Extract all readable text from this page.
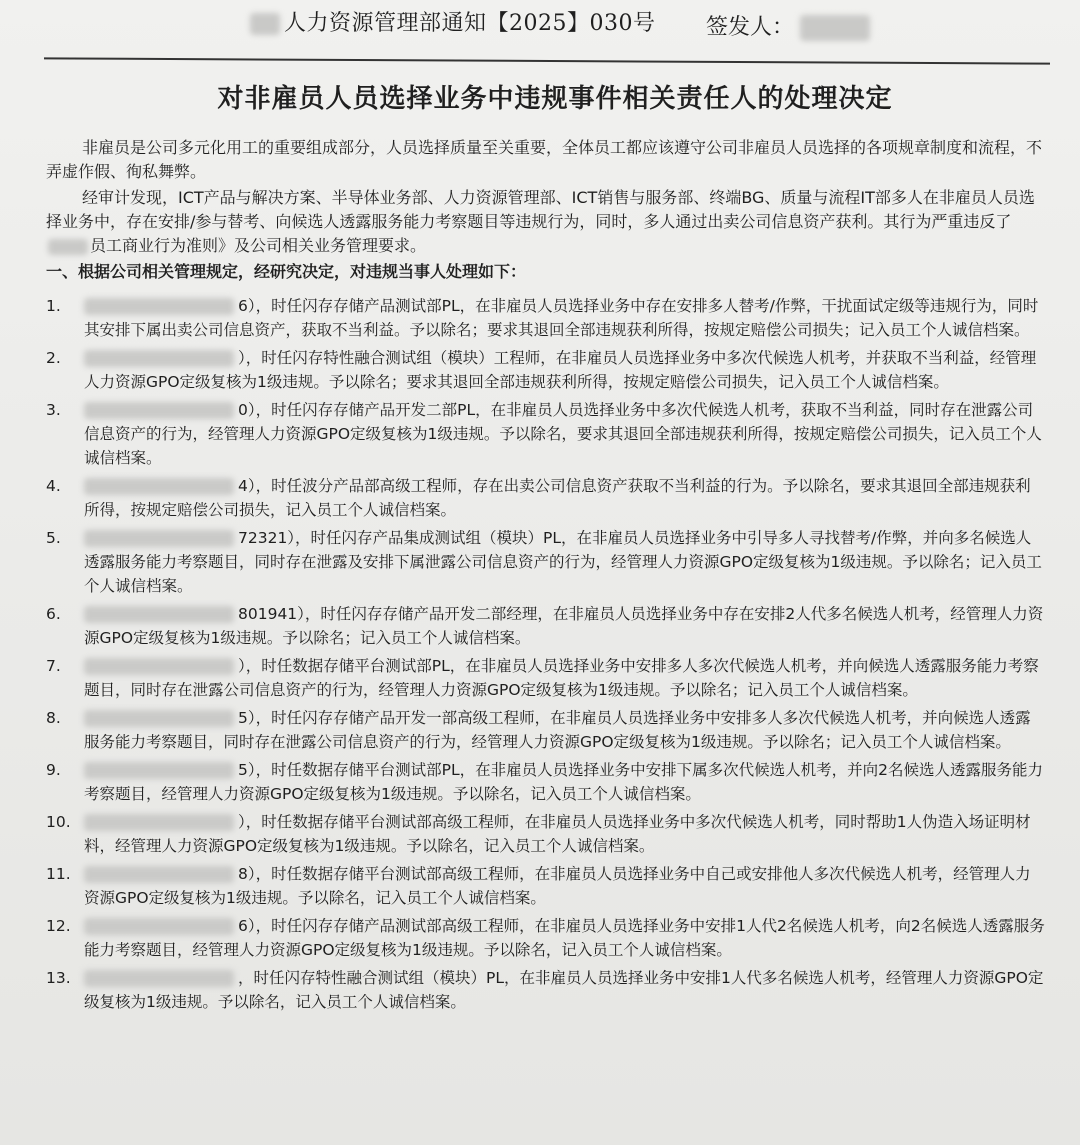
人力资源管理部通知【2025】030号 签发人：
对非雇员人员选择业务中违规事件相关责任人的处理决定

非雇员是公司多元化用工的重要组成部分，人员选择质量至关重要，全体员工都应该遵守公司非雇员人员选择的各项规章制度和流程，不弄虚作假、徇私舞弊。

经审计发现，ICT产品与解决方案、半导体业务部、人力资源管理部、ICT销售与服务部、终端BG、质量与流程IT部多人在非雇员人员选择业务中，存在安排/参与替考、向候选人透露服务能力考察题目等违规行为，同时，多人通过出卖公司信息资产获利。其行为严重违反了员工商业行为准则》及公司相关业务管理要求。

一、根据公司相关管理规定，经研究决定，对违规当事人处理如下：
1.	6），时任闪存存储产品测试部PL，在非雇员人员选择业务中存在安排多人替考/作弊，干扰面试定级等违规行为，同时其安排下属出卖公司信息资产，获取不当利益。予以除名；要求其退回全部违规获利所得，按规定赔偿公司损失；记入员工个人诚信档案。
2.	），时任闪存特性融合测试组（模块）工程师，在非雇员人员选择业务中多次代候选人机考，并获取不当利益，经管理人力资源GPO定级复核为1级违规。予以除名；要求其退回全部违规获利所得，按规定赔偿公司损失，记入员工个人诚信档案。
3.	0），时任闪存存储产品开发二部PL，在非雇员人员选择业务中多次代候选人机考，获取不当利益，同时存在泄露公司信息资产的行为，经管理人力资源GPO定级复核为1级违规。予以除名，要求其退回全部违规获利所得，按规定赔偿公司损失，记入员工个人诚信档案。
4.	4），时任波分产品部高级工程师，存在出卖公司信息资产获取不当利益的行为。予以除名，要求其退回全部违规获利所得，按规定赔偿公司损失，记入员工个人诚信档案。
5.	72321），时任闪存产品集成测试组（模块）PL，在非雇员人员选择业务中引导多人寻找替考/作弊，并向多名候选人透露服务能力考察题目，同时存在泄露及安排下属泄露公司信息资产的行为，经管理人力资源GPO定级复核为1级违规。予以除名；记入员工个人诚信档案。
6.	801941），时任闪存存储产品开发二部经理，在非雇员人员选择业务中存在安排2人代多名候选人机考，经管理人力资源GPO定级复核为1级违规。予以除名；记入员工个人诚信档案。
7.	），时任数据存储平台测试部PL，在非雇员人员选择业务中安排多人多次代候选人机考，并向候选人透露服务能力考察题目，同时存在泄露公司信息资产的行为，经管理人力资源GPO定级复核为1级违规。予以除名；记入员工个人诚信档案。
8.	5），时任闪存存储产品开发一部高级工程师，在非雇员人员选择业务中安排多人多次代候选人机考，并向候选人透露服务能力考察题目，同时存在泄露公司信息资产的行为，经管理人力资源GPO定级复核为1级违规。予以除名；记入员工个人诚信档案。
9.	5），时任数据存储平台测试部PL，在非雇员人员选择业务中安排下属多次代候选人机考，并向2名候选人透露服务能力考察题目，经管理人力资源GPO定级复核为1级违规。予以除名，记入员工个人诚信档案。
10.	），时任数据存储平台测试部高级工程师，在非雇员人员选择业务中多次代候选人机考，同时帮助1人伪造入场证明材料，经管理人力资源GPO定级复核为1级违规。予以除名，记入员工个人诚信档案。
11.	8），时任数据存储平台测试部高级工程师，在非雇员人员选择业务中自己或安排他人多次代候选人机考，经管理人力资源GPO定级复核为1级违规。予以除名，记入员工个人诚信档案。
12.	6），时任闪存存储产品测试部高级工程师，在非雇员人员选择业务中安排1人代2名候选人机考，向2名候选人透露服务能力考察题目，经管理人力资源GPO定级复核为1级违规。予以除名，记入员工个人诚信档案。
13.	，时任闪存特性融合测试组（模块）PL，在非雇员人员选择业务中安排1人代多名候选人机考，经管理人力资源GPO定级复核为1级违规。予以除名，记入员工个人诚信档案。
